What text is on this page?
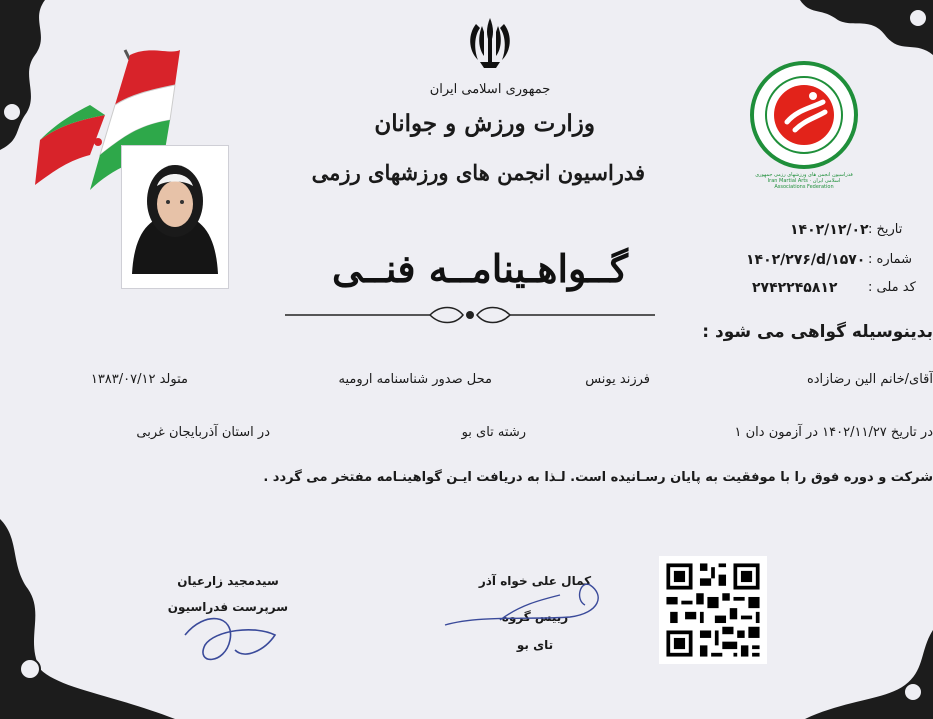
جمهوری اسلامی ایران
وزارت ورزش و جوانان
فدراسیون انجمن های ورزشهای رزمی	فدراسیون انجمن های ورزشهای رزمی جمهوری اسلامی ایران · Iran Martial Arts Associations Federation
تاریخ :
۱۴۰۲/۱۲/۰۲
شماره :
۱۴۰۲/۲۷۶/d/۱۵۷۰
کد ملی :
۲۷۴۲۲۴۵۸۱۲
گــواهـینامــه فنــی
بدینوسیله گواهی می شود :
آقای/خانم الین رضازاده
فرزند یونس
محل صدور شناسنامه ارومیه
متولد ۱۳۸۳/۰۷/۱۲
در تاریخ ۱۴۰۲/۱۱/۲۷ در آزمون دان ۱
رشته تای بو
در استان آذربایجان غربی
شرکت و دوره فوق را با موفقیت به پایان رسـانیده است. لـذا به دریافت ایـن گواهینـامه مفتخر می گردد .
سیدمجید زارعیان
سرپرست فدراسیون
کمال علی خواه آذر
رییس گروه
تای بو
